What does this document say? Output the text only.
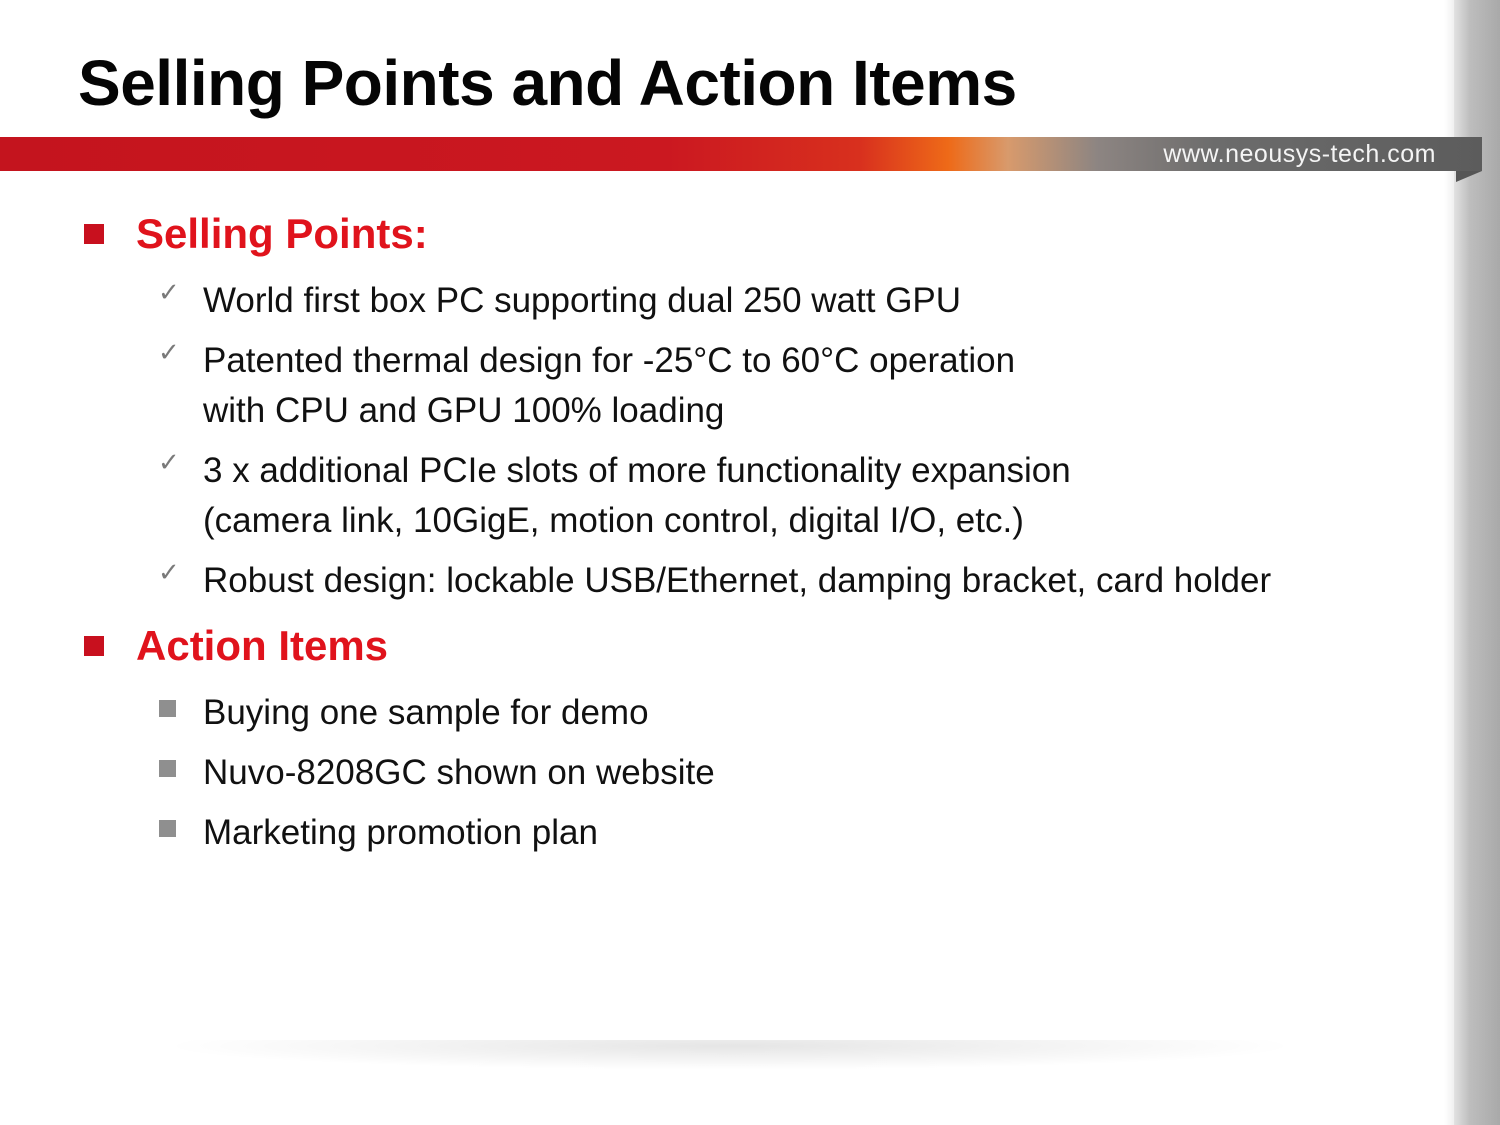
Selling Points and Action Items
www.neousys-tech.com
Selling Points:
✓ World first box PC supporting dual 250 watt GPU
✓ Patented thermal design for -25°C to 60°C operation
with CPU and GPU 100% loading
✓ 3 x additional PCIe slots of more functionality expansion
(camera link, 10GigE, motion control, digital I/O, etc.)
✓ Robust design: lockable USB/Ethernet, damping bracket, card holder
Action Items
Buying one sample for demo
Nuvo-8208GC shown on website
Marketing promotion plan
